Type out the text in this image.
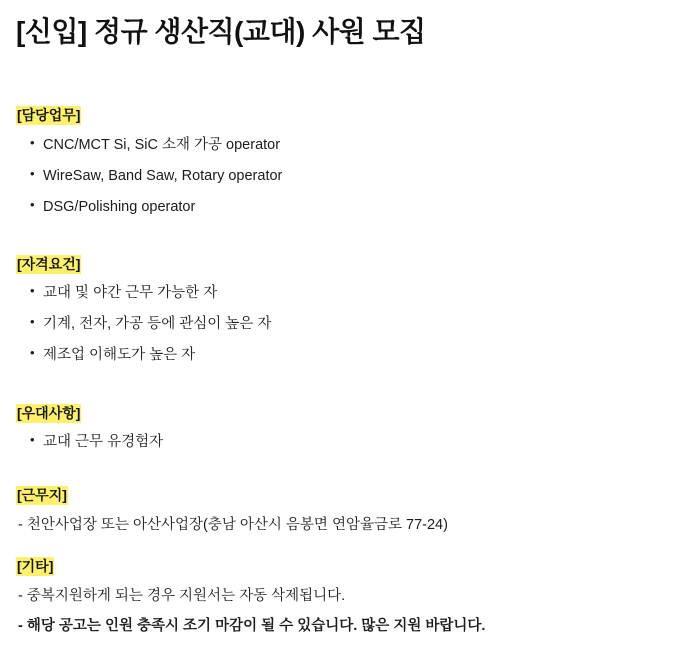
[신입] 정규 생산직(교대) 사원 모집
[담당업무]
• CNC/MCT Si, SiC 소재 가공 operator
• WireSaw, Band Saw, Rotary operator
• DSG/Polishing operator
[자격요건]
• 교대 및 야간 근무 가능한 자
• 기계, 전자, 가공 등에 관심이 높은 자
• 제조업 이해도가 높은 자
[우대사항]
• 교대 근무 유경험자
[근무지]

- 천안사업장 또는 아산사업장(충남 아산시 음봉면 연암율금로 77-24)

[기타]

- 중복지원하게 되는 경우 지원서는 자동 삭제됩니다.

- 해당 공고는 인원 충족시 조기 마감이 될 수 있습니다. 많은 지원 바랍니다.
